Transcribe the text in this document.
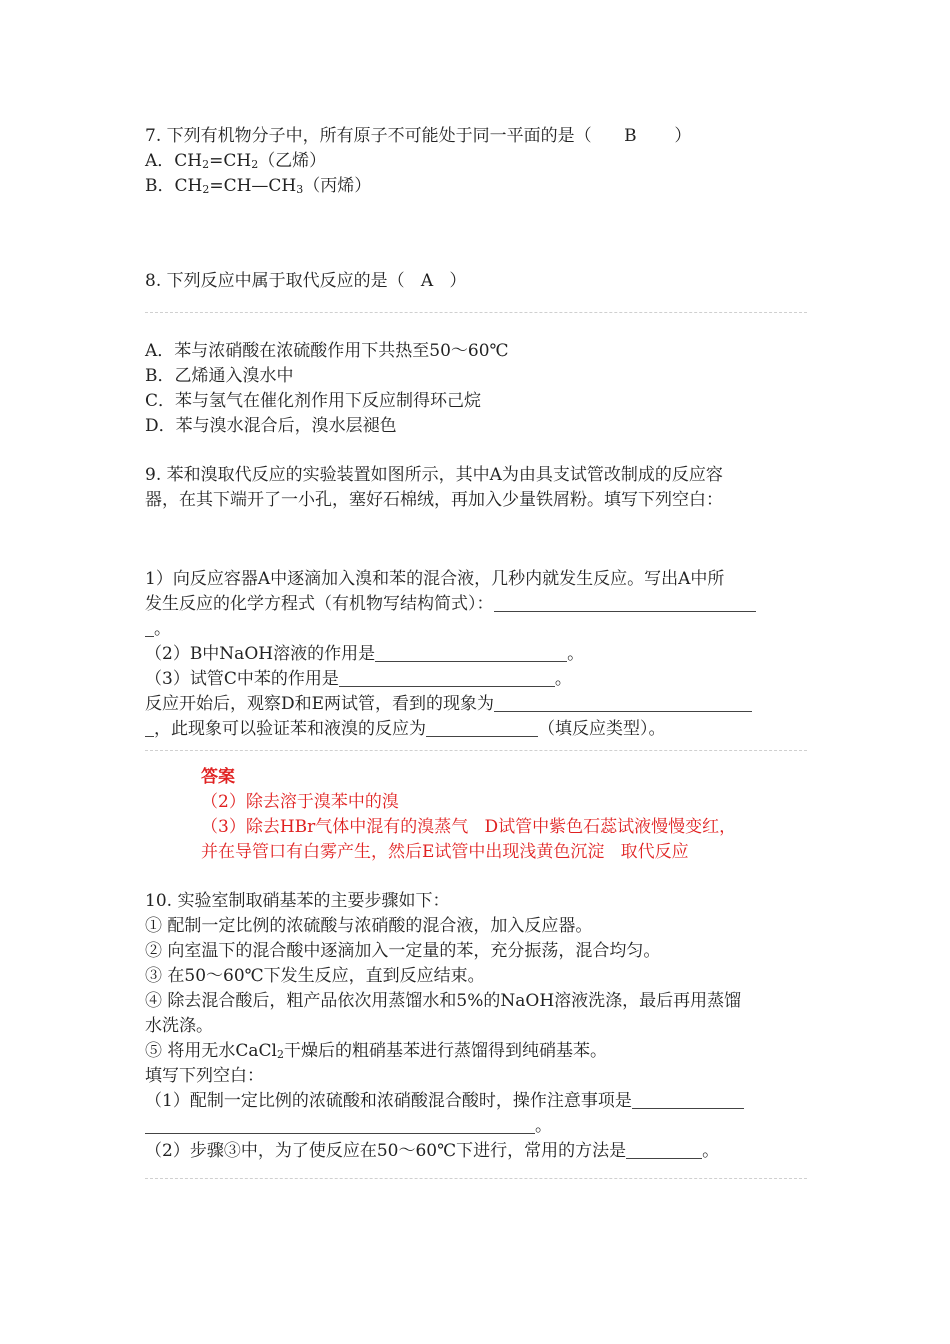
7. 下列有机物分子中，所有原子不可能处于同一平面的是（ B ）
A．$CH_2=CH_2$（乙烯）
B．$CH_2=CH—CH_3$（丙烯）
8. 下列反应中属于取代反应的是（ A ）
A．苯与浓硝酸在浓硫酸作用下共热至50～60℃
B．乙烯通入溴水中
C．苯与氢气在催化剂作用下反应制得环己烷
D．苯与溴水混合后，溴水层褪色
9. 苯和溴取代反应的实验装置如图所示，其中A为由具支试管改制成的反应容
器，在其下端开了一小孔，塞好石棉绒，再加入少量铁屑粉。填写下列空白：
1）向反应容器A中逐滴加入溴和苯的混合液，几秒内就发生反应。写出A中所
发生反应的化学方程式（有机物写结构简式）：
。
（2）B中NaOH溶液的作用是	。
（3）试管C中苯的作用是	。
反应开始后，观察D和E两试管，看到的现象为
，此现象可以验证苯和液溴的反应为	（填反应类型）。
答案
（2）除去溶于溴苯中的溴
（3）除去HBr气体中混有的溴蒸气   D试管中紫色石蕊试液慢慢变红，
并在导管口有白雾产生，然后E试管中出现浅黄色沉淀   取代反应
10. 实验室制取硝基苯的主要步骤如下：
① 配制一定比例的浓硫酸与浓硝酸的混合液，加入反应器。
② 向室温下的混合酸中逐滴加入一定量的苯，充分振荡，混合均匀。
③ 在50～60℃下发生反应，直到反应结束。
④ 除去混合酸后，粗产品依次用蒸馏水和5%的NaOH溶液洗涤，最后再用蒸馏
水洗涤。
⑤ 将用无水CaCl$_2$干燥后的粗硝基苯进行蒸馏得到纯硝基苯。
填写下列空白：
（1）配制一定比例的浓硫酸和浓硝酸混合酸时，操作注意事项是
。
（2）步骤③中，为了使反应在50～60℃下进行，常用的方法是	。
